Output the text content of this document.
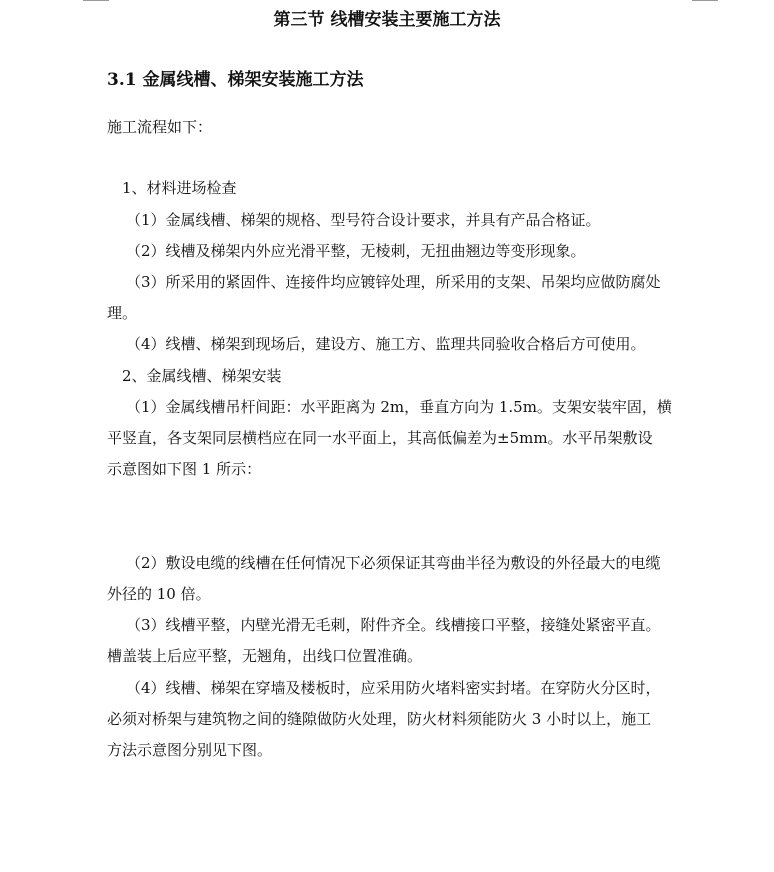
第三节 线槽安装主要施工方法
3.1 金属线槽、梯架安装施工方法
施工流程如下：
1、材料进场检查
（1）金属线槽、梯架的规格、型号符合设计要求，并具有产品合格证。
（2）线槽及梯架内外应光滑平整，无棱刺，无扭曲翘边等变形现象。
（3）所采用的紧固件、连接件均应镀锌处理，所采用的支架、吊架均应做防腐处
理。
（4）线槽、梯架到现场后，建设方、施工方、监理共同验收合格后方可使用。
2、金属线槽、梯架安装
（1）金属线槽吊杆间距：水平距离为 2m，垂直方向为 1.5m。支架安装牢固，横
平竖直，各支架同层横档应在同一水平面上，其高低偏差为±5mm。水平吊架敷设
示意图如下图 1 所示：
（2）敷设电缆的线槽在任何情况下必须保证其弯曲半径为敷设的外径最大的电缆
外径的 10 倍。
（3）线槽平整，内壁光滑无毛刺，附件齐全。线槽接口平整，接缝处紧密平直。
槽盖装上后应平整，无翘角，出线口位置准确。
（4）线槽、梯架在穿墙及楼板时，应采用防火堵料密实封堵。在穿防火分区时，
必须对桥架与建筑物之间的缝隙做防火处理，防火材料须能防火 3 小时以上，施工
方法示意图分别见下图。
